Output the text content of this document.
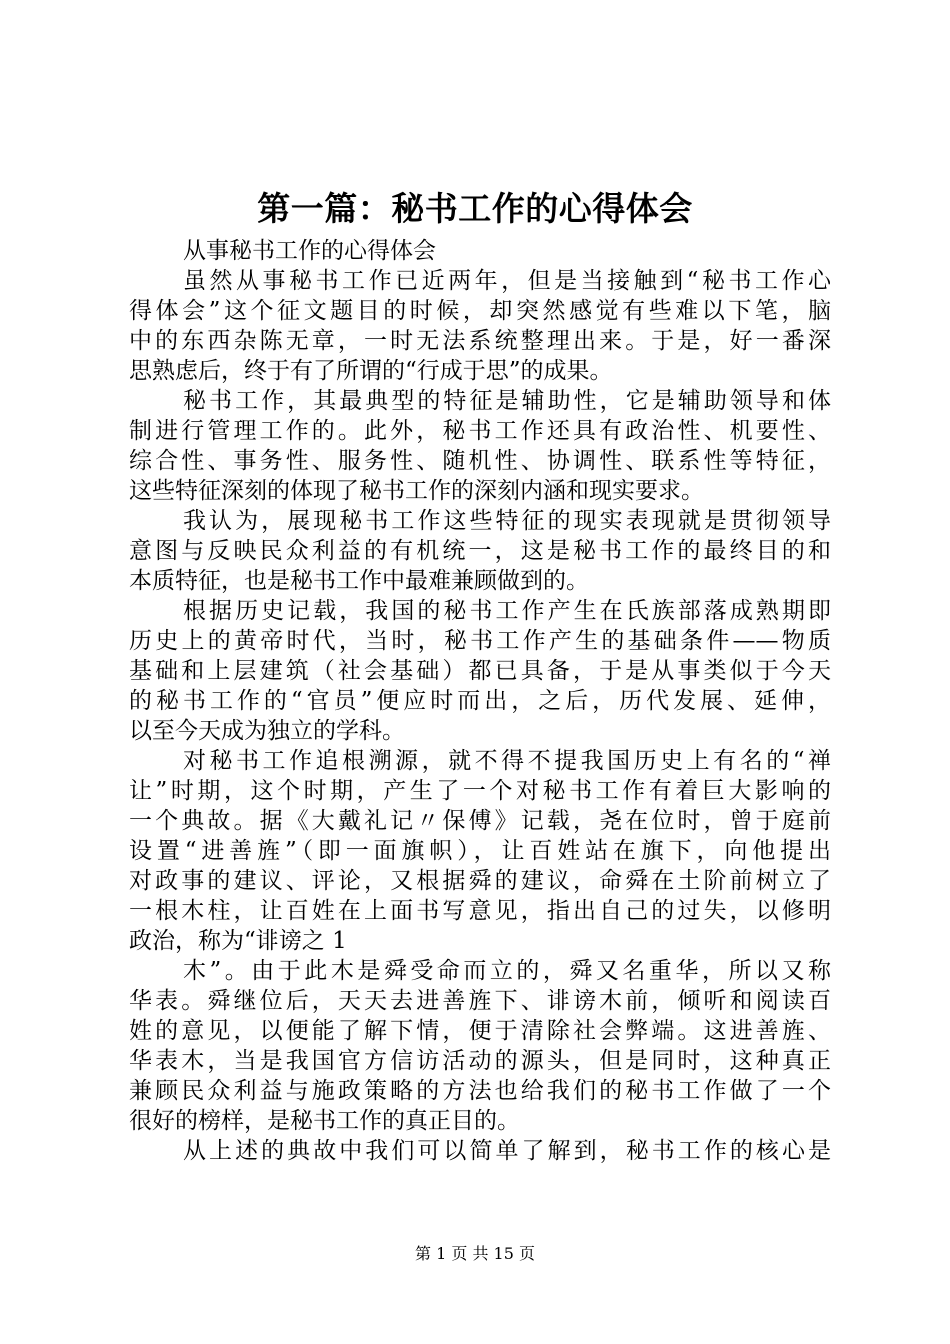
第一篇：秘书工作的心得体会
从事秘书工作的心得体会
虽然从事秘书工作已近两年，但是当接触到“秘书工作心
得体会”这个征文题目的时候，却突然感觉有些难以下笔，脑
中的东西杂陈无章，一时无法系统整理出来。于是，好一番深
思熟虑后，终于有了所谓的“行成于思”的成果。
秘书工作，其最典型的特征是辅助性，它是辅助领导和体
制进行管理工作的。此外，秘书工作还具有政治性、机要性、
综合性、事务性、服务性、随机性、协调性、联系性等特征，
这些特征深刻的体现了秘书工作的深刻内涵和现实要求。
我认为，展现秘书工作这些特征的现实表现就是贯彻领导
意图与反映民众利益的有机统一，这是秘书工作的最终目的和
本质特征，也是秘书工作中最难兼顾做到的。
根据历史记载，我国的秘书工作产生在氏族部落成熟期即
历史上的黄帝时代，当时，秘书工作产生的基础条件——物质
基础和上层建筑（社会基础）都已具备，于是从事类似于今天
的秘书工作的“官员”便应时而出，之后，历代发展、延伸，
以至今天成为独立的学科。
对秘书工作追根溯源，就不得不提我国历史上有名的“禅
让”时期，这个时期，产生了一个对秘书工作有着巨大影响的
一个典故。据《大戴礼记〃保傅》记载，尧在位时，曾于庭前
设置“进善旌”（即一面旗帜），让百姓站在旗下，向他提出
对政事的建议、评论，又根据舜的建议，命舜在土阶前树立了
一根木柱，让百姓在上面书写意见，指出自己的过失，以修明
政治，称为“诽谤之 1
木”。由于此木是舜受命而立的，舜又名重华，所以又称
华表。舜继位后，天天去进善旌下、诽谤木前，倾听和阅读百
姓的意见，以便能了解下情，便于清除社会弊端。这进善旌、
华表木，当是我国官方信访活动的源头，但是同时，这种真正
兼顾民众利益与施政策略的方法也给我们的秘书工作做了一个
很好的榜样，是秘书工作的真正目的。
从上述的典故中我们可以简单了解到，秘书工作的核心是
第 1 页 共 15 页
